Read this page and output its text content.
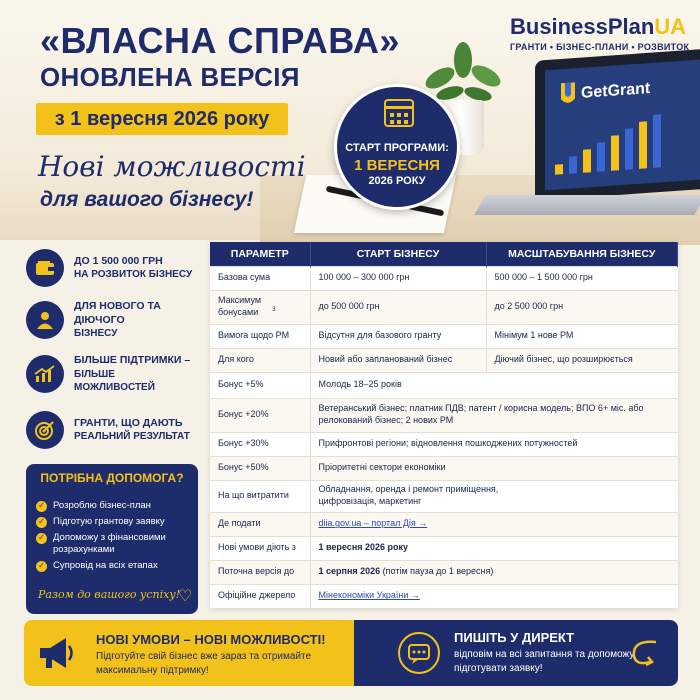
GetGrant
«ВЛАСНА СПРАВА»
ОНОВЛЕНА ВЕРСІЯ
з 1 вересня 2026 року
Нові можливості
для вашого бізнесу!
BusinessPlanUA
ГРАНТИ • БІЗНЕС-ПЛАНИ • РОЗВИТОК
СТАРТ ПРОГРАМИ:
1 ВЕРЕСНЯ
2026 РОКУ
ДО 1 500 000 ГРН
НА РОЗВИТОК БІЗНЕСУ
ДЛЯ НОВОГО ТА ДІЮЧОГО
БІЗНЕСУ
БІЛЬШЕ ПІДТРИМКИ –
БІЛЬШЕ МОЖЛИВОСТЕЙ
ГРАНТИ, ЩО ДАЮТЬ
РЕАЛЬНИЙ РЕЗУЛЬТАТ
ПОТРІБНА ДОПОМОГА?
✓ Розроблю бізнес-план
✓ Підготую грантову заявку
✓ Допоможу з фінансовими розрахунками
✓ Супровід на всіх етапах
Разом до вашого успіху!
♡
ПАРАМЕТР	СТАРТ БІЗНЕСУ	МАСШТАБУВАННЯ БІЗНЕСУ
Базова сума	100 000 – 300 000 грн	500 000 – 1 500 000 грн
Максимум бонусами $^3$	до 500 000 грн	до 2 500 000 грн
Вимога щодо РМ	Відсутня для базового гранту	Мінімум 1 нове РМ
Для кого	Новий або запланований бізнес	Діючий бізнес, що розширюється
Бонус +5%	Молодь 18–25 років	
Бонус +20%	Ветеранський бізнес; платник ПДВ; патент / корисна модель; ВПО 6+ міс. або релокований бізнес; 2 нових РМ	
Бонус +30%	Прифронтові регіони; відновлення пошкоджених потужностей	
Бонус +50%	Пріоритетні сектори економіки	
На що витратити	Обладнання, оренда і ремонт приміщення, цифровізація, маркетинг	
Де подати	diia.gov.ua – портал Дія →	
Нові умови діють з	1 вересня 2026 року	
Поточна версія до	1 серпня 2026 (потім пауза до 1 вересня)	
Офіційне джерело	Мінекономіки України →	
НОВІ УМОВИ – НОВІ МОЖЛИВОСТІ!
Підготуйте свій бізнес вже зараз та отримайте максимальну підтримку!
ПИШІТЬ У ДИРЕКТ
відповім на всі запитання та допоможу підготувати заявку!
